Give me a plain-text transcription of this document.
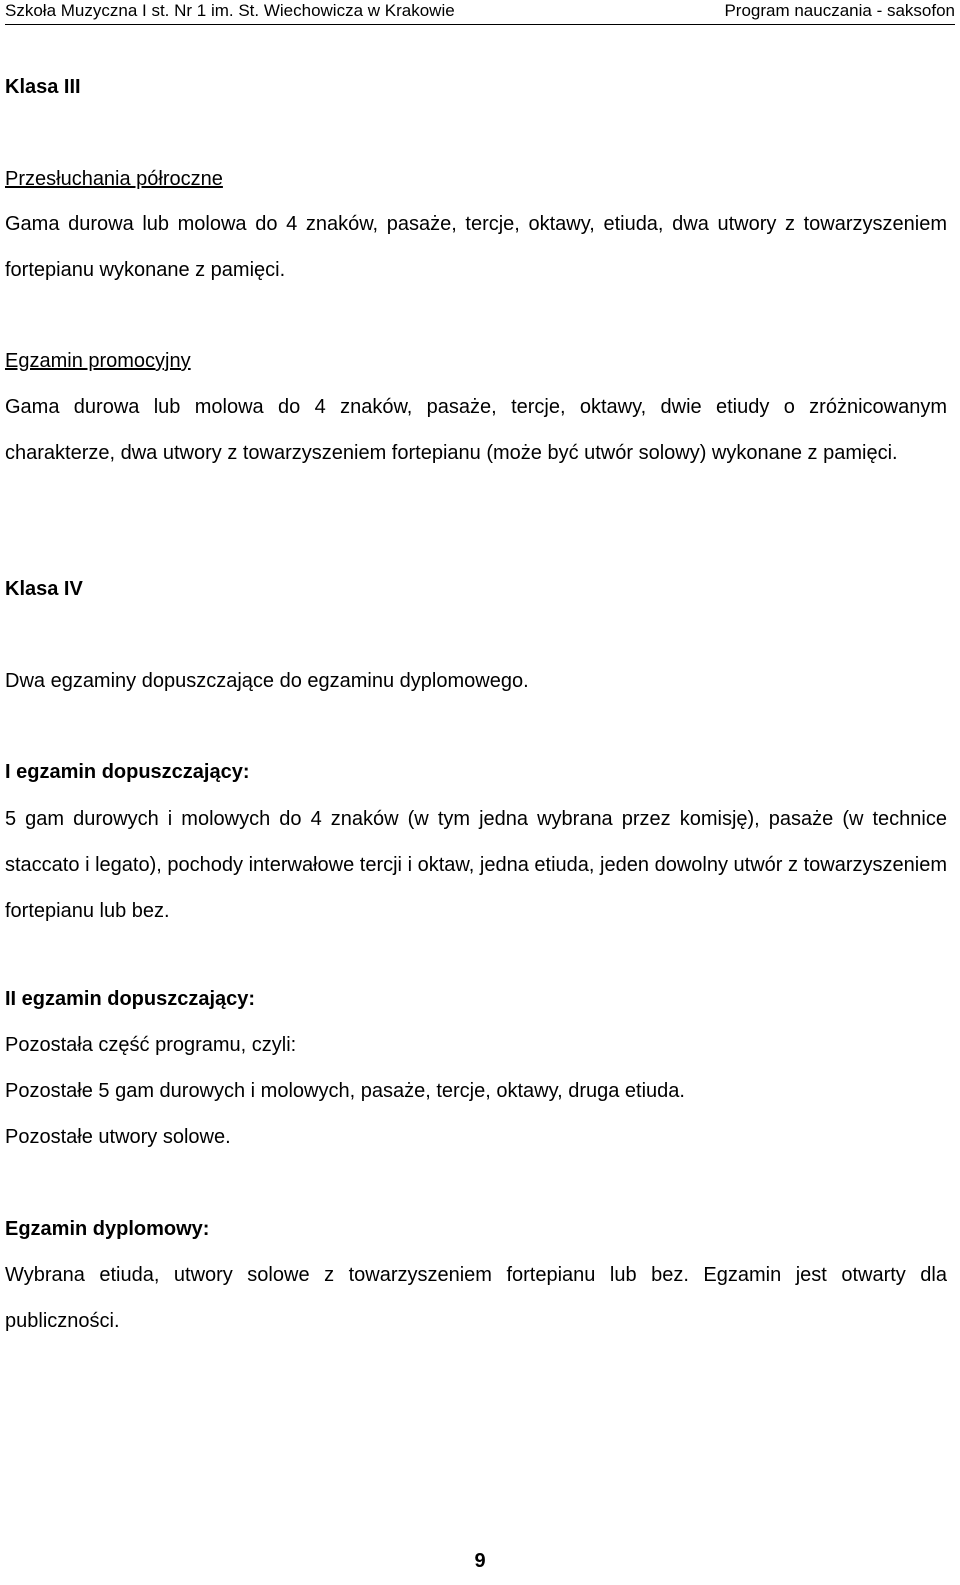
Szkoła Muzyczna I st. Nr 1 im. St. Wiechowicza w Krakowie	Program nauczania - saksofon
Klasa III
Przesłuchania półroczne
Gama durowa lub molowa do 4 znaków, pasaże, tercje, oktawy, etiuda, dwa utwory z towarzyszeniem fortepianu wykonane z pamięci.
Egzamin promocyjny
Gama durowa lub molowa do 4 znaków, pasaże, tercje, oktawy, dwie etiudy o zróżnicowanym charakterze, dwa utwory z towarzyszeniem fortepianu (może być utwór solowy) wykonane z pamięci.
Klasa IV
Dwa egzaminy dopuszczające do egzaminu dyplomowego.
I egzamin dopuszczający:
5 gam durowych i molowych do 4 znaków (w tym jedna wybrana przez komisję), pasaże (w technice staccato i legato), pochody interwałowe tercji i oktaw, jedna etiuda, jeden dowolny utwór z towarzyszeniem fortepianu lub bez.
II egzamin dopuszczający:
Pozostała część programu, czyli:
Pozostałe 5 gam durowych i molowych, pasaże, tercje, oktawy, druga etiuda.
Pozostałe utwory solowe.
Egzamin dyplomowy:
Wybrana etiuda, utwory solowe z towarzyszeniem fortepianu lub bez. Egzamin jest otwarty dla publiczności.
9
